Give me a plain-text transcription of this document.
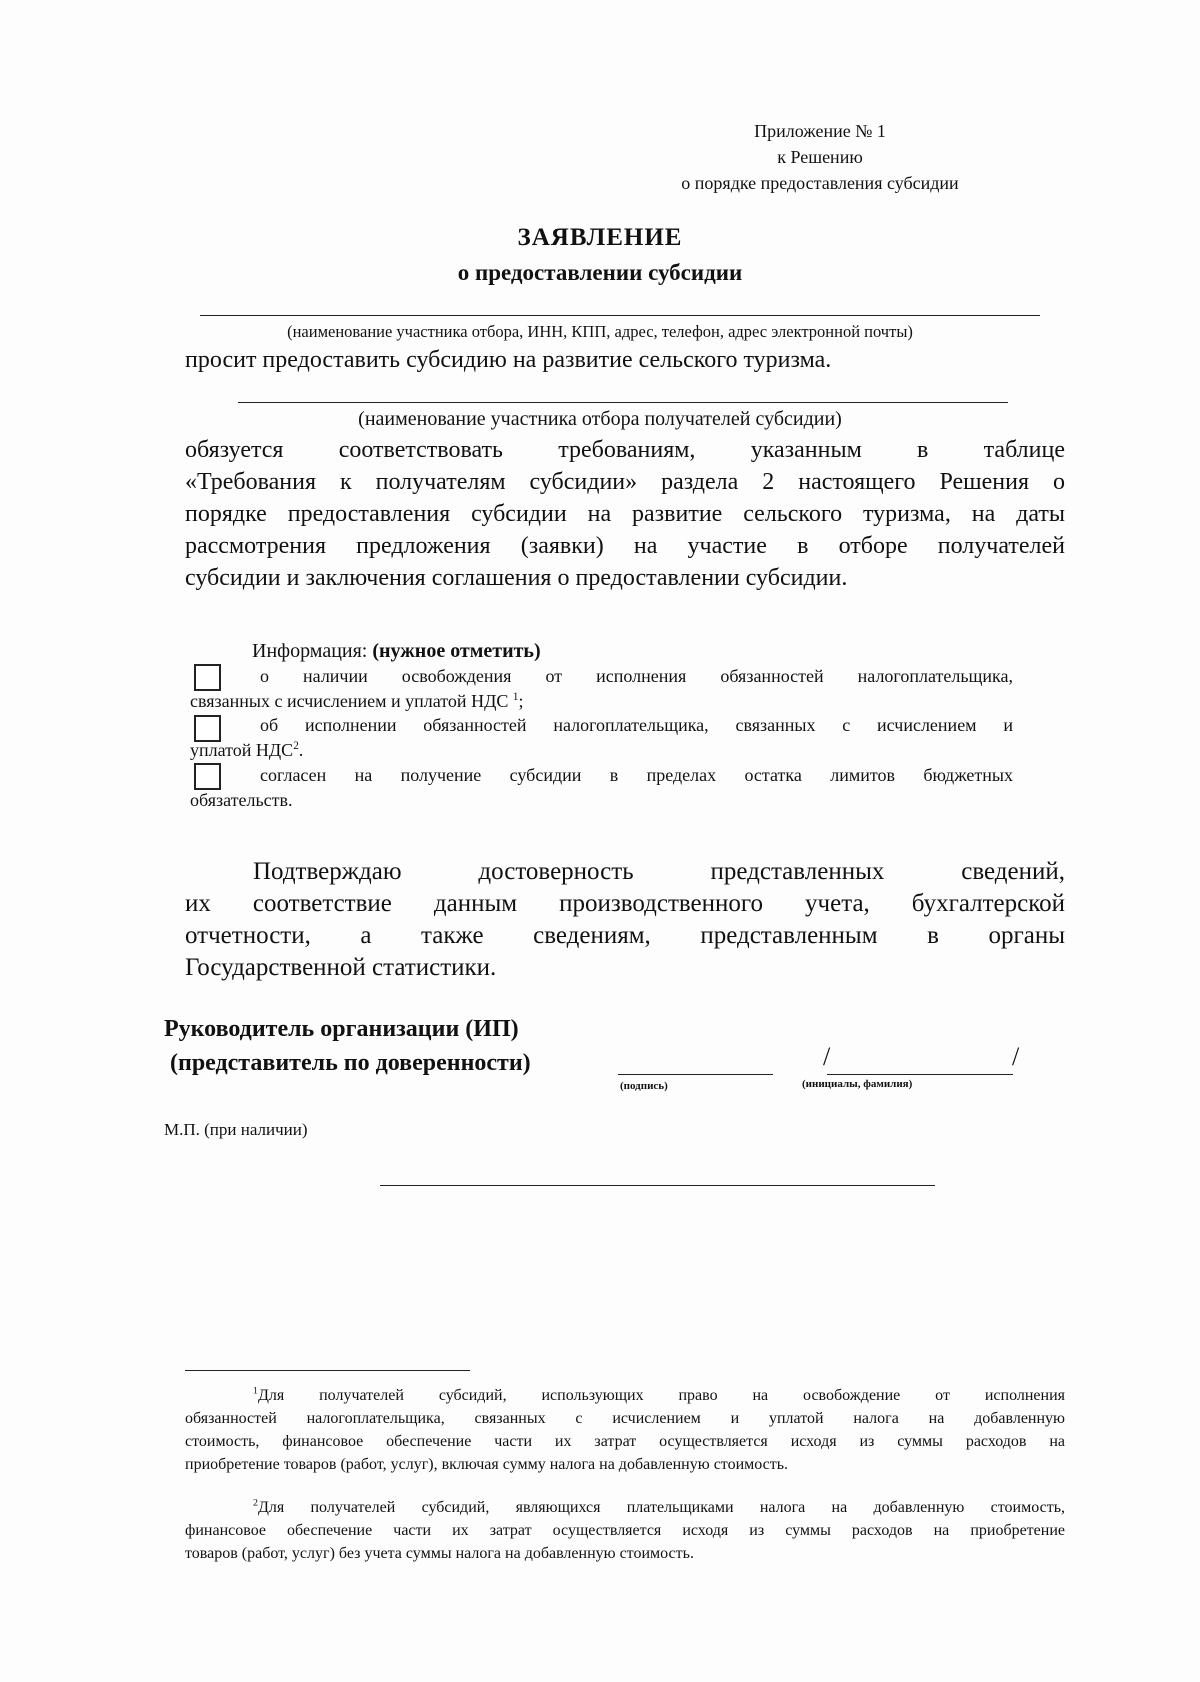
Приложение № 1
к Решению
о порядке предоставления субсидии
ЗАЯВЛЕНИЕ
о предоставлении субсидии
(наименование участника отбора, ИНН, КПП, адрес, телефон, адрес электронной почты)
просит предоставить субсидию на развитие сельского туризма.
(наименование участника отбора получателей субсидии)
обязуется соответствовать требованиям, указанным в таблице
«Требования к получателям субсидии» раздела 2 настоящего Решения о
порядке предоставления субсидии на развитие сельского туризма, на даты
рассмотрения предложения (заявки) на участие в отборе получателей
субсидии и заключения соглашения о предоставлении субсидии.
Информация: (нужное отметить)
о наличии освобождения от исполнения обязанностей налогоплательщика,
связанных с исчислением и уплатой НДС $^1$;
об исполнении обязанностей налогоплательщика, связанных с исчислением и
уплатой НДС$^2$.
согласен на получение субсидии в пределах остатка лимитов бюджетных
обязательств.
Подтверждаю достоверность представленных сведений,
их соответствие данным производственного учета, бухгалтерской
отчетности, а также сведениям, представленным в органы
Государственной статистики.
Руководитель организации (ИП)
(представитель по доверенности)
(подпись)
/	/
(инициалы, фамилия)
М.П. (при наличии)
$^1$Для получателей субсидий, использующих право на освобождение от исполнения
обязанностей налогоплательщика, связанных с исчислением и уплатой налога на добавленную
стоимость, финансовое обеспечение части их затрат осуществляется исходя из суммы расходов на
приобретение товаров (работ, услуг), включая сумму налога на добавленную стоимость.
$^2$Для получателей субсидий, являющихся плательщиками налога на добавленную стоимость,
финансовое обеспечение части их затрат осуществляется исходя из суммы расходов на приобретение
товаров (работ, услуг) без учета суммы налога на добавленную стоимость.
